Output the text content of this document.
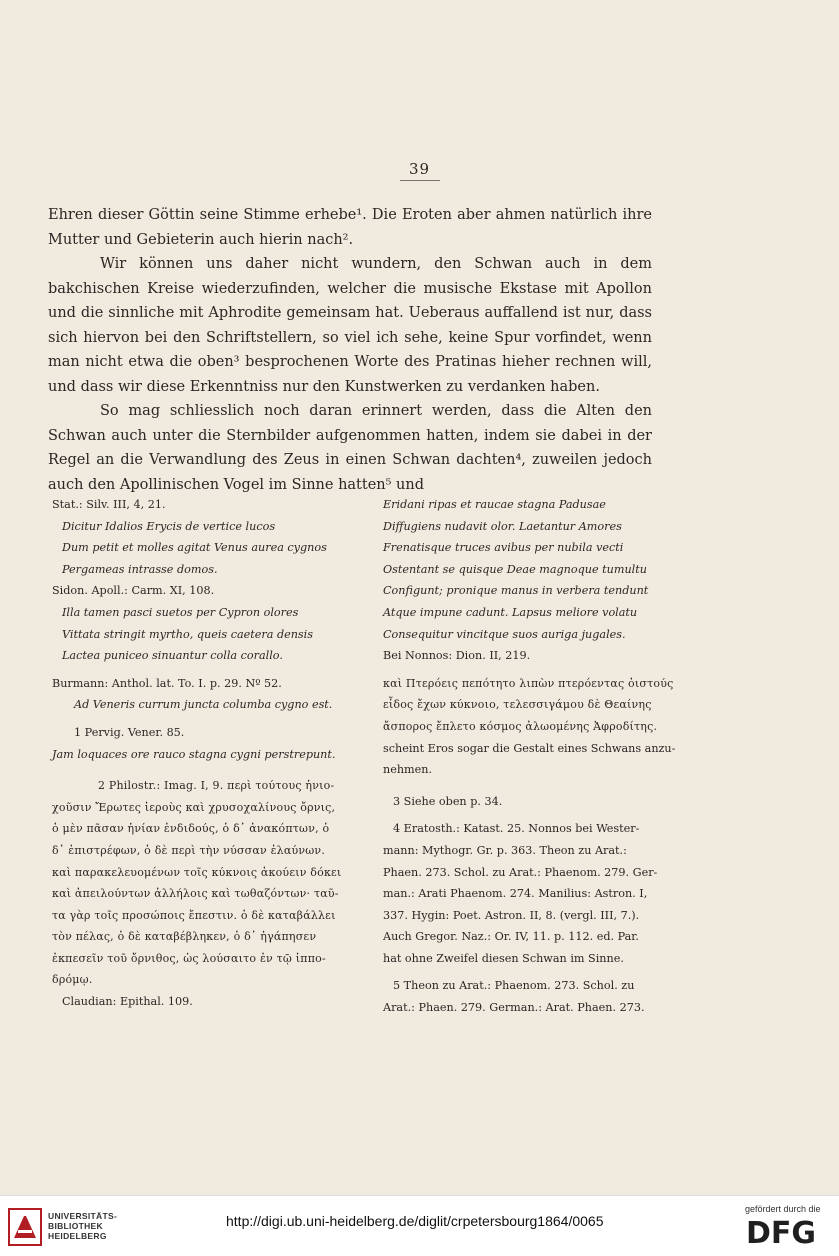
39

Ehren dieser Göttin seine Stimme erhebe¹. Die Eroten aber ahmen natürlich ihre Mutter und Gebieterin auch hierin nach².

Wir können uns daher nicht wundern, den Schwan auch in dem bakchischen Kreise wiederzufinden, welcher die musische Ekstase mit Apollon und die sinnliche mit Aphrodite gemeinsam hat. Ueberaus auffallend ist nur, dass sich hiervon bei den Schriftstellern, so viel ich sehe, keine Spur vorfindet, wenn man nicht etwa die oben³ besprochenen Worte des Pratinas hieher rechnen will, und dass wir diese Erkenntniss nur den Kunstwerken zu verdanken haben.

So mag schliesslich noch daran erinnert werden, dass die Alten den Schwan auch unter die Sternbilder aufgenommen hatten, indem sie dabei in der Regel an die Verwandlung des Zeus in einen Schwan dachten⁴, zuweilen jedoch auch den Apollinischen Vogel im Sinne hatten⁵ und

Stat.: Silv. III, 4, 21.
Dicitur Idalios Erycis de vertice lucos
Dum petit et molles agitat Venus aurea cygnos
Pergameas intrasse domos.
Sidon. Apoll.: Carm. XI, 108.
Illa tamen pasci suetos per Cypron olores
Vittata stringit myrtho, queis caetera densis
Lactea puniceo sinuantur colla corallo.
Burmann: Anthol. lat. To. I. p. 29. Nº 52.
Ad Veneris currum juncta columba cygno est.
1 Pervig. Vener. 85.
Jam loquaces ore rauco stagna cygni perstrepunt.
2 Philostr.: Imag. I, 9. περὶ τούτους ἡνιο-
χοῦσιν Ἔρωτες ἱεροὺς καὶ χρυσοχαλίνους ὄρνις,
ὁ μὲν πᾶσαν ἡνίαν ἐνδιδούς, ὁ δ᾽ ἀνακόπτων, ὁ
δ᾽ ἐπιστρέφων, ὁ δὲ περὶ τὴν νύσσαν ἐλαύνων.
καὶ παρακελευομένων τοῖς κύκνοις ἀκούειν δόκει
καὶ ἀπειλούντων ἀλλήλοις καὶ τωθαζόντων· ταῦ-
τα γὰρ τοῖς προσώποις ἔπεστιν. ὁ δὲ καταβάλλει
τὸν πέλας, ὁ δὲ καταβέβληκεν, ὁ δ᾽ ἠγάπησεν
ἐκπεσεῖν τοῦ ὄρνιθος, ὡς λούσαιτο ἐν τῷ ἱππο-
δρόμῳ.
Claudian: Epithal. 109.
Eridani ripas et raucae stagna Padusae
Diffugiens nudavit olor. Laetantur Amores
Frenatisque truces avibus per nubila vecti
Ostentant se quisque Deae magnoque tumultu
Configunt; pronique manus in verbera tendunt
Atque impune cadunt. Lapsus meliore volatu
Consequitur vincitque suos auriga jugales.
Bei Nonnos: Dion. II, 219.
καὶ Πτερόεις πεπότητο λιπὼν πτερόεντας ὀιστούς
εἶδος ἔχων κύκνοιο, τελεσσιγάμου δὲ Θεαίνης
ἄσπορος ἔπλετο κόσμος ἀλωομένης Ἀφροδίτης.
scheint Eros sogar die Gestalt eines Schwans anzu-
nehmen.
3 Siehe oben p. 34.
4 Eratosth.: Katast. 25. Nonnos bei Wester-
mann: Mythogr. Gr. p. 363. Theon zu Arat.:
Phaen. 273. Schol. zu Arat.: Phaenom. 279. Ger-
man.: Arati Phaenom. 274. Manilius: Astron. I,
337. Hygin: Poet. Astron. II, 8. (vergl. III, 7.).
Auch Gregor. Naz.: Or. IV, 11. p. 112. ed. Par.
hat ohne Zweifel diesen Schwan im Sinne.
5 Theon zu Arat.: Phaenom. 273. Schol. zu
Arat.: Phaen. 279. German.: Arat. Phaen. 273.
UNIVERSITÄTS-
BIBLIOTHEK
HEIDELBERG
http://digi.ub.uni-heidelberg.de/diglit/crpetersbourg1864/0065
gefördert durch die
DFG
